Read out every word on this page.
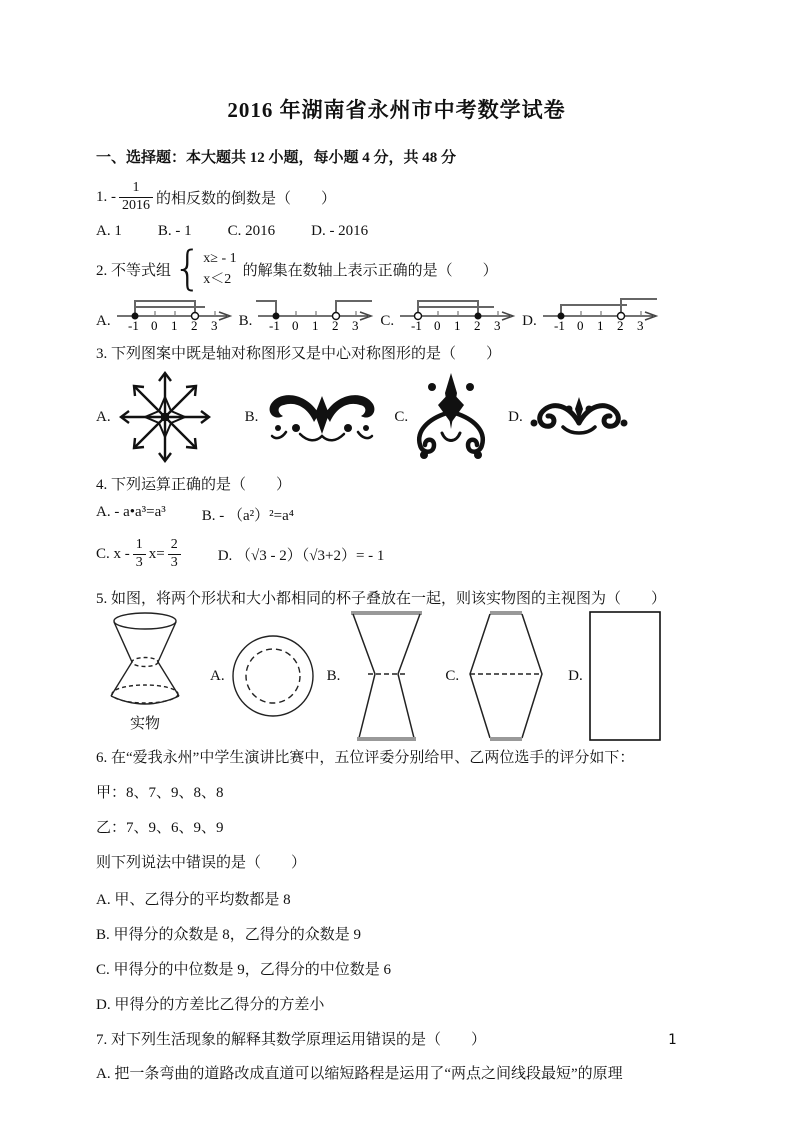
2016 年湖南省永州市中考数学试卷
一、选择题：本大题共 12 小题，每小题 4 分，共 48 分
1. - $\frac{1}{2016}$ 的相反数的倒数是（　　）
A. 1 B. - 1 C. 2016 D. - 2016
2. 不等式组 { x≥ - 1
x＜2
的解集在数轴上表示正确的是（　　）
A. -1 0 1 2 3 B. -1 0 1 2 3 C. -1 0 1 2 3 D. -1 0 1 2 3
3. 下列图案中既是轴对称图形又是中心对称图形的是（　　）
A.	B.	C.	D.
4. 下列运算正确的是（　　）
A. - a•a³=a³ B. - （a²）²=a⁴
C. $x - \frac{1}{3} x= \frac{2}{3} D$. （√3 - 2）（√3+2）= - 1
5. 如图，将两个形状和大小都相同的杯子叠放在一起，则该实物图的主视图为（　　）
实物
A.	B.	C.	D.
6. 在“爱我永州”中学生演讲比赛中，五位评委分别给甲、乙两位选手的评分如下：
甲：8、7、9、8、8
乙：7、9、6、9、9
则下列说法中错误的是（　　）
A. 甲、乙得分的平均数都是 8
B. 甲得分的众数是 8，乙得分的众数是 9
C. 甲得分的中位数是 9，乙得分的中位数是 6
D. 甲得分的方差比乙得分的方差小
7. 对下列生活现象的解释其数学原理运用错误的是（　　）
A. 把一条弯曲的道路改成直道可以缩短路程是运用了“两点之间线段最短”的原理
1
